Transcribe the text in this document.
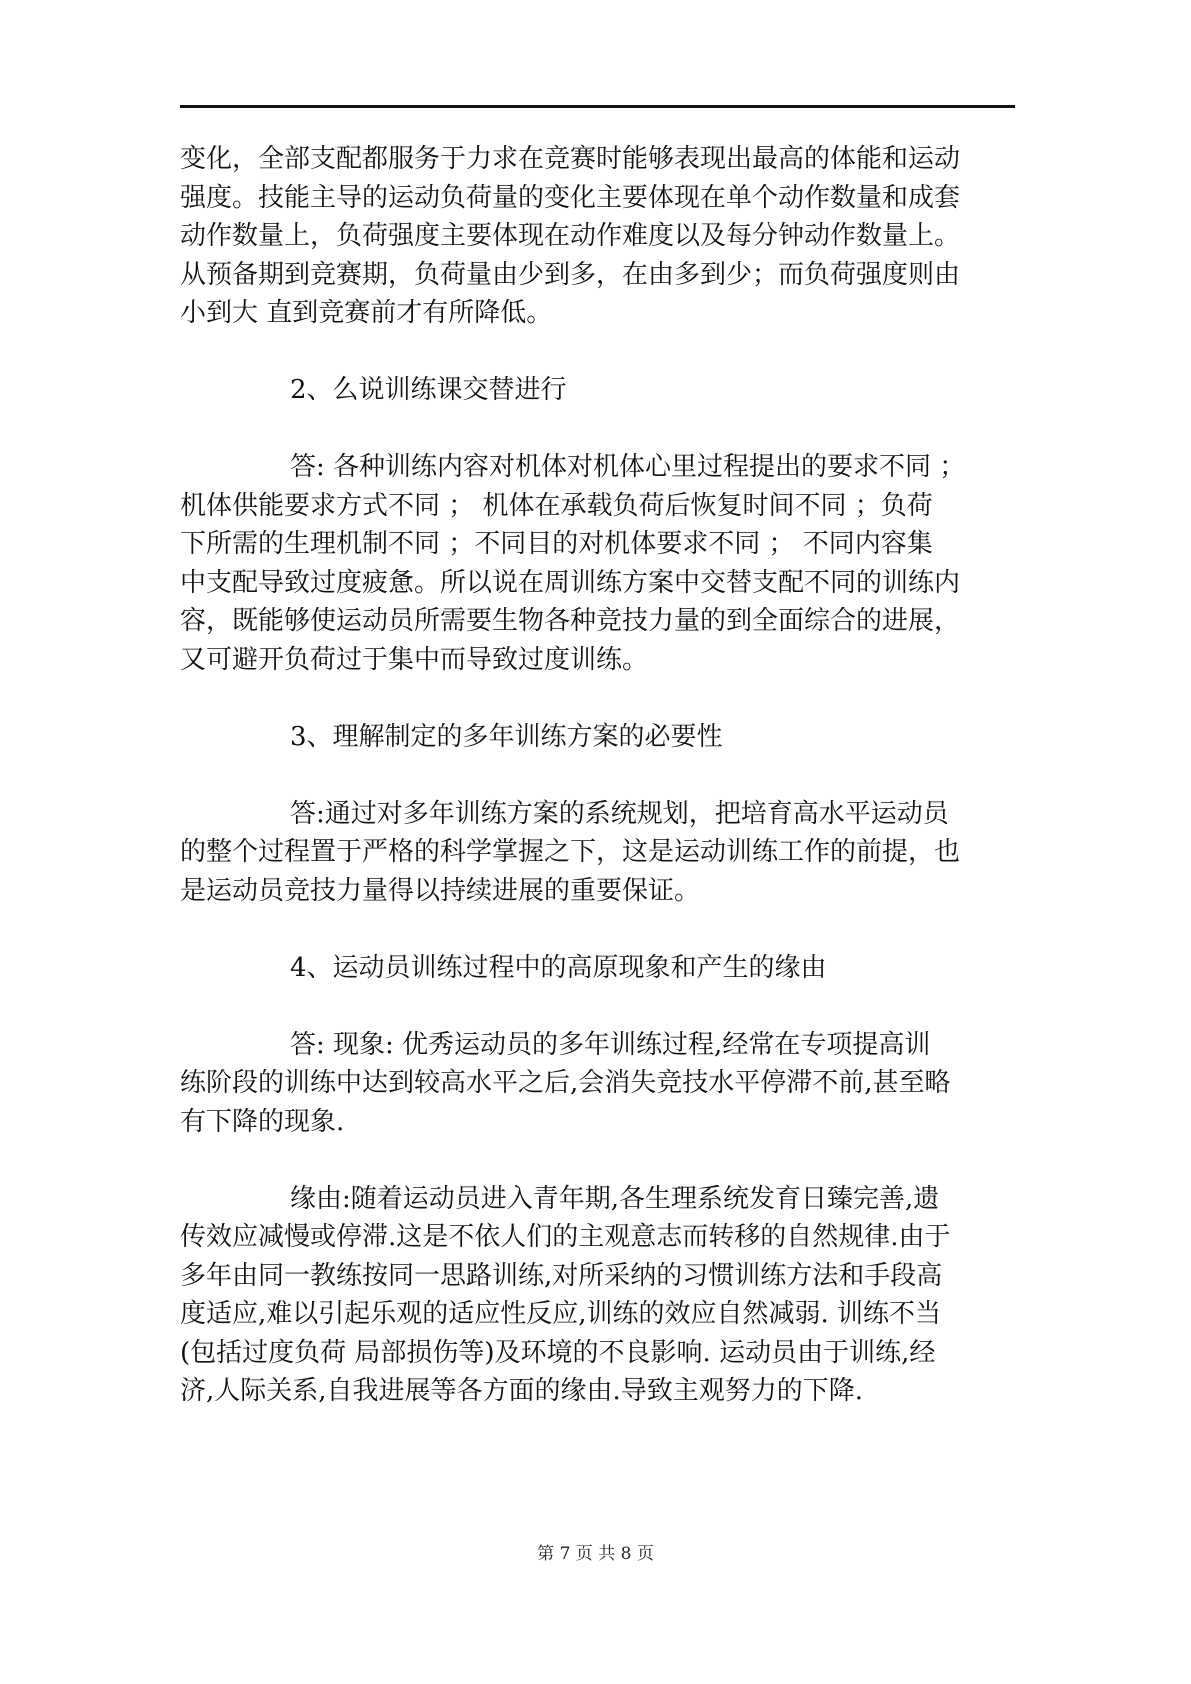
变化，全部支配都服务于力求在竞赛时能够表现出最高的体能和运动
强度。技能主导的运动负荷量的变化主要体现在单个动作数量和成套
动作数量上，负荷强度主要体现在动作难度以及每分钟动作数量上。
从预备期到竞赛期，负荷量由少到多，在由多到少；而负荷强度则由
小到大 直到竞赛前才有所降低。
2、么说训练课交替进行
答: 各种训练内容对机体对机体心里过程提出的要求不同 ；
机体供能要求方式不同 ； 机体在承载负荷后恢复时间不同 ；负荷
下所需的生理机制不同 ；不同目的对机体要求不同 ； 不同内容集
中支配导致过度疲惫。所以说在周训练方案中交替支配不同的训练内
容，既能够使运动员所需要生物各种竞技力量的到全面综合的进展，
又可避开负荷过于集中而导致过度训练。
3、理解制定的多年训练方案的必要性
答:通过对多年训练方案的系统规划，把培育高水平运动员
的整个过程置于严格的科学掌握之下，这是运动训练工作的前提，也
是运动员竞技力量得以持续进展的重要保证。
4、运动员训练过程中的高原现象和产生的缘由
答: 现象: 优秀运动员的多年训练过程,经常在专项提高训
练阶段的训练中达到较高水平之后,会消失竞技水平停滞不前,甚至略
有下降的现象.
缘由:随着运动员进入青年期,各生理系统发育日臻完善,遗
传效应减慢或停滞.这是不依人们的主观意志而转移的自然规律.由于
多年由同一教练按同一思路训练,对所采纳的习惯训练方法和手段高
度适应,难以引起乐观的适应性反应,训练的效应自然减弱. 训练不当
(包括过度负荷 局部损伤等)及环境的不良影响. 运动员由于训练,经
济,人际关系,自我进展等各方面的缘由.导致主观努力的下降.
第 7 页 共 8 页
